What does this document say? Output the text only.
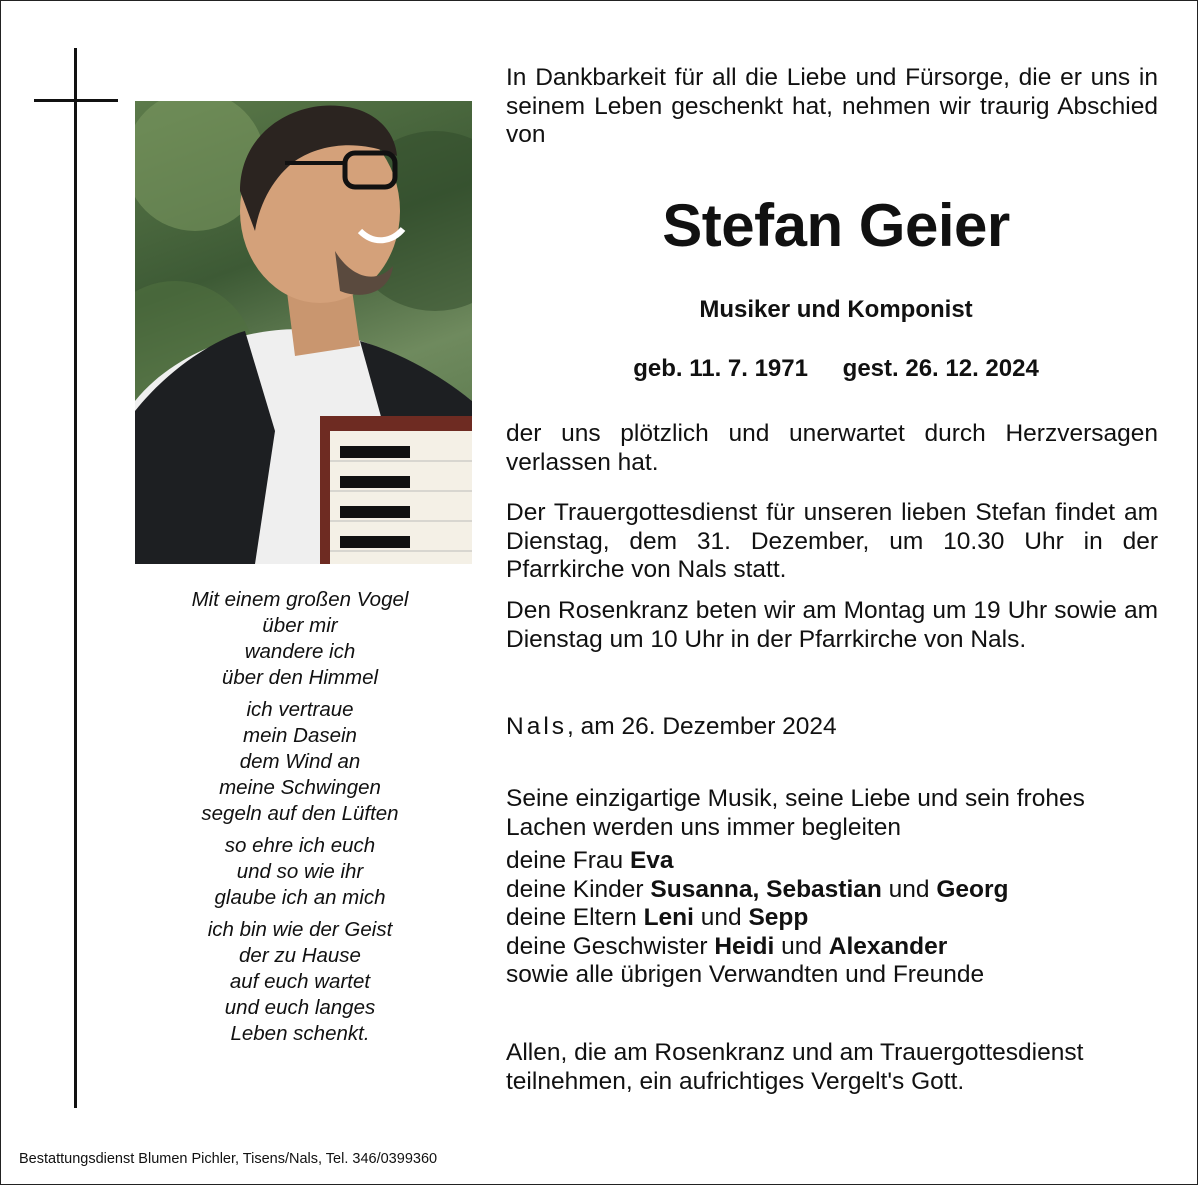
Mit einem großen Vogel
über mir
wandere ich
über den Himmel

ich vertraue
mein Dasein
dem Wind an
meine Schwingen
segeln auf den Lüften

so ehre ich euch
und so wie ihr
glaube ich an mich

ich bin wie der Geist
der zu Hause
auf euch wartet
und euch langes
Leben schenkt.

In Dankbarkeit für all die Liebe und Fürsorge, die er uns in seinem Leben geschenkt hat, nehmen wir traurig Abschied von
Stefan Geier
Musiker und Komponist
geb. 11. 7. 1971 gest. 26. 12. 2024
der uns plötzlich und unerwartet durch Herzversagen verlassen hat.
Der Trauergottesdienst für unseren lieben Stefan findet am Dienstag, dem 31. Dezember, um 10.30 Uhr in der Pfarrkirche von Nals statt.
Den Rosenkranz beten wir am Montag um 19 Uhr sowie am Dienstag um 10 Uhr in der Pfarrkirche von Nals.
Nals, am 26. Dezember 2024
Seine einzigartige Musik, seine Liebe und sein frohes Lachen werden uns immer begleiten
deine Frau Eva
deine Kinder Susanna, Sebastian und Georg
deine Eltern Leni und Sepp
deine Geschwister Heidi und Alexander
sowie alle übrigen Verwandten und Freunde
Allen, die am Rosenkranz und am Trauergottesdienst teilnehmen, ein aufrichtiges Vergelt's Gott.
Bestattungsdienst Blumen Pichler, Tisens/Nals, Tel. 346/0399360
